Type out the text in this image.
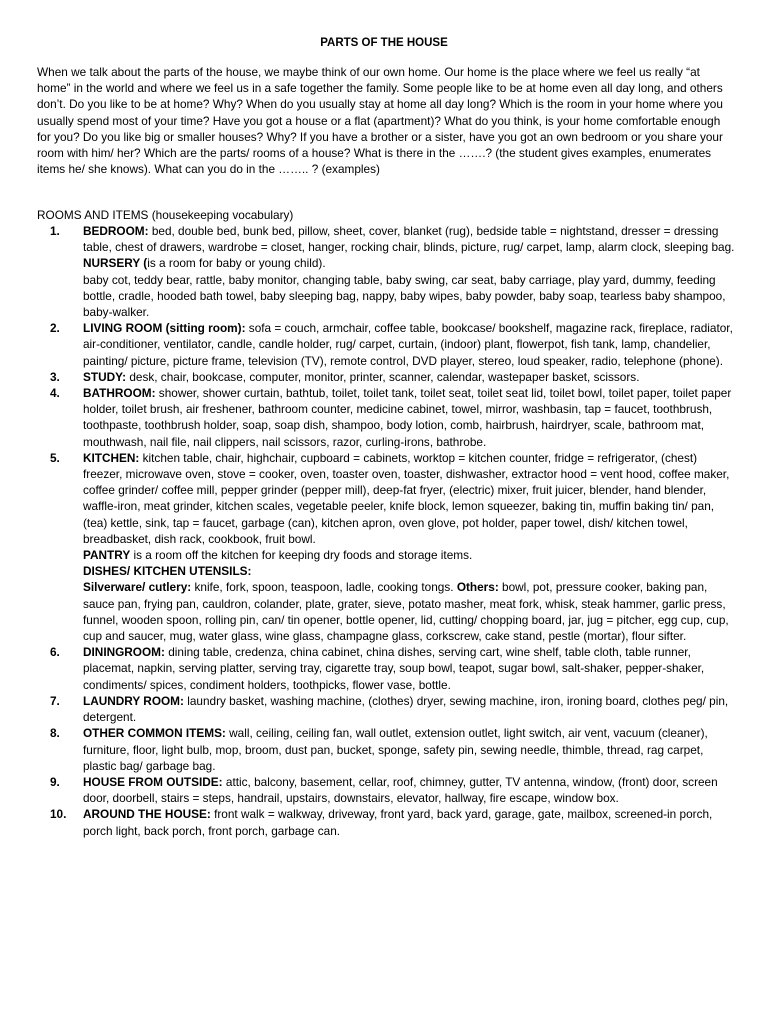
PARTS OF THE HOUSE

When we talk about the parts of the house, we maybe think of our own home. Our home is the place where we feel us really “at home” in the world and where we feel us in a safe together the family. Some people like to be at home even all day long, and others don’t. Do you like to be at home? Why? When do you usually stay at home all day long? Which is the room in your home where you usually spend most of your time? Have you got a house or a flat (apartment)? What do you think, is your home comfortable enough for you? Do you like big or smaller houses? Why? If you have a brother or a sister, have you got an own bedroom or you share your room with him/ her? Which are the parts/ rooms of a house? What is there in the …….? (the student gives examples, enumerates items he/ she knows). What can you do in the …….. ? (examples)

ROOMS AND ITEMS (housekeeping vocabulary)
1.	BEDROOM: bed, double bed, bunk bed, pillow, sheet, cover, blanket (rug), bedside table = nightstand, dresser = dressing table, chest of drawers, wardrobe = closet, hanger, rocking chair, blinds, picture, rug/ carpet, lamp, alarm clock, sleeping bag.
NURSERY (is a room for baby or young child).
baby cot, teddy bear, rattle, baby monitor, changing table, baby swing, car seat, baby carriage, play yard, dummy, feeding bottle, cradle, hooded bath towel, baby sleeping bag, nappy, baby wipes, baby powder, baby soap, tearless baby shampoo, baby-walker.
2.	LIVING ROOM (sitting room): sofa = couch, armchair, coffee table, bookcase/ bookshelf, magazine rack, fireplace, radiator, air-conditioner, ventilator, candle, candle holder, rug/ carpet, curtain, (indoor) plant, flowerpot, fish tank, lamp, chandelier, painting/ picture, picture frame, television (TV), remote control, DVD player, stereo, loud speaker, radio, telephone (phone).
3.	STUDY: desk, chair, bookcase, computer, monitor, printer, scanner, calendar, wastepaper basket, scissors.
4.	BATHROOM: shower, shower curtain, bathtub, toilet, toilet tank, toilet seat, toilet seat lid, toilet bowl, toilet paper, toilet paper holder, toilet brush, air freshener, bathroom counter, medicine cabinet, towel, mirror, washbasin, tap = faucet, toothbrush, toothpaste, toothbrush holder, soap, soap dish, shampoo, body lotion, comb, hairbrush, hairdryer, scale, bathroom mat, mouthwash, nail file, nail clippers, nail scissors, razor, curling-irons, bathrobe.
5.	KITCHEN: kitchen table, chair, highchair, cupboard = cabinets, worktop = kitchen counter, fridge = refrigerator, (chest) freezer, microwave oven, stove = cooker, oven, toaster oven, toaster, dishwasher, extractor hood = vent hood, coffee maker, coffee grinder/ coffee mill, pepper grinder (pepper mill), deep-fat fryer, (electric) mixer, fruit juicer, blender, hand blender, waffle-iron, meat grinder, kitchen scales, vegetable peeler, knife block, lemon squeezer, baking tin, muffin baking tin/ pan,(tea) kettle, sink, tap = faucet, garbage (can), kitchen apron, oven glove, pot holder, paper towel, dish/ kitchen towel, breadbasket, dish rack, cookbook, fruit bowl.
PANTRY is a room off the kitchen for keeping dry foods and storage items.
DISHES/ KITCHEN UTENSILS:
Silverware/ cutlery: knife, fork, spoon, teaspoon, ladle, cooking tongs. Others: bowl, pot, pressure cooker, baking pan, sauce pan, frying pan, cauldron, colander, plate, grater, sieve, potato masher, meat fork, whisk, steak hammer, garlic press, funnel, wooden spoon, rolling pin, can/ tin opener, bottle opener, lid, cutting/ chopping board, jar, jug = pitcher, egg cup, cup, cup and saucer, mug, water glass, wine glass, champagne glass, corkscrew, cake stand, pestle (mortar), flour sifter.
6.	DININGROOM: dining table, credenza, china cabinet, china dishes, serving cart, wine shelf, table cloth, table runner, placemat, napkin, serving platter, serving tray, cigarette tray, soup bowl, teapot, sugar bowl, salt-shaker, pepper-shaker, condiments/ spices, condiment holders, toothpicks, flower vase, bottle.
7.	LAUNDRY ROOM: laundry basket, washing machine, (clothes) dryer, sewing machine, iron, ironing board, clothes peg/ pin, detergent.
8.	OTHER COMMON ITEMS: wall, ceiling, ceiling fan, wall outlet, extension outlet, light switch, air vent, vacuum (cleaner), furniture, floor, light bulb, mop, broom, dust pan, bucket, sponge, safety pin, sewing needle, thimble, thread, rag carpet, plastic bag/ garbage bag.
9.	HOUSE FROM OUTSIDE: attic, balcony, basement, cellar, roof, chimney, gutter, TV antenna, window, (front) door, screen door, doorbell, stairs = steps, handrail, upstairs, downstairs, elevator, hallway, fire escape, window box.
10.	AROUND THE HOUSE: front walk = walkway, driveway, front yard, back yard, garage, gate, mailbox, screened-in porch, porch light, back porch, front porch, garbage can.
